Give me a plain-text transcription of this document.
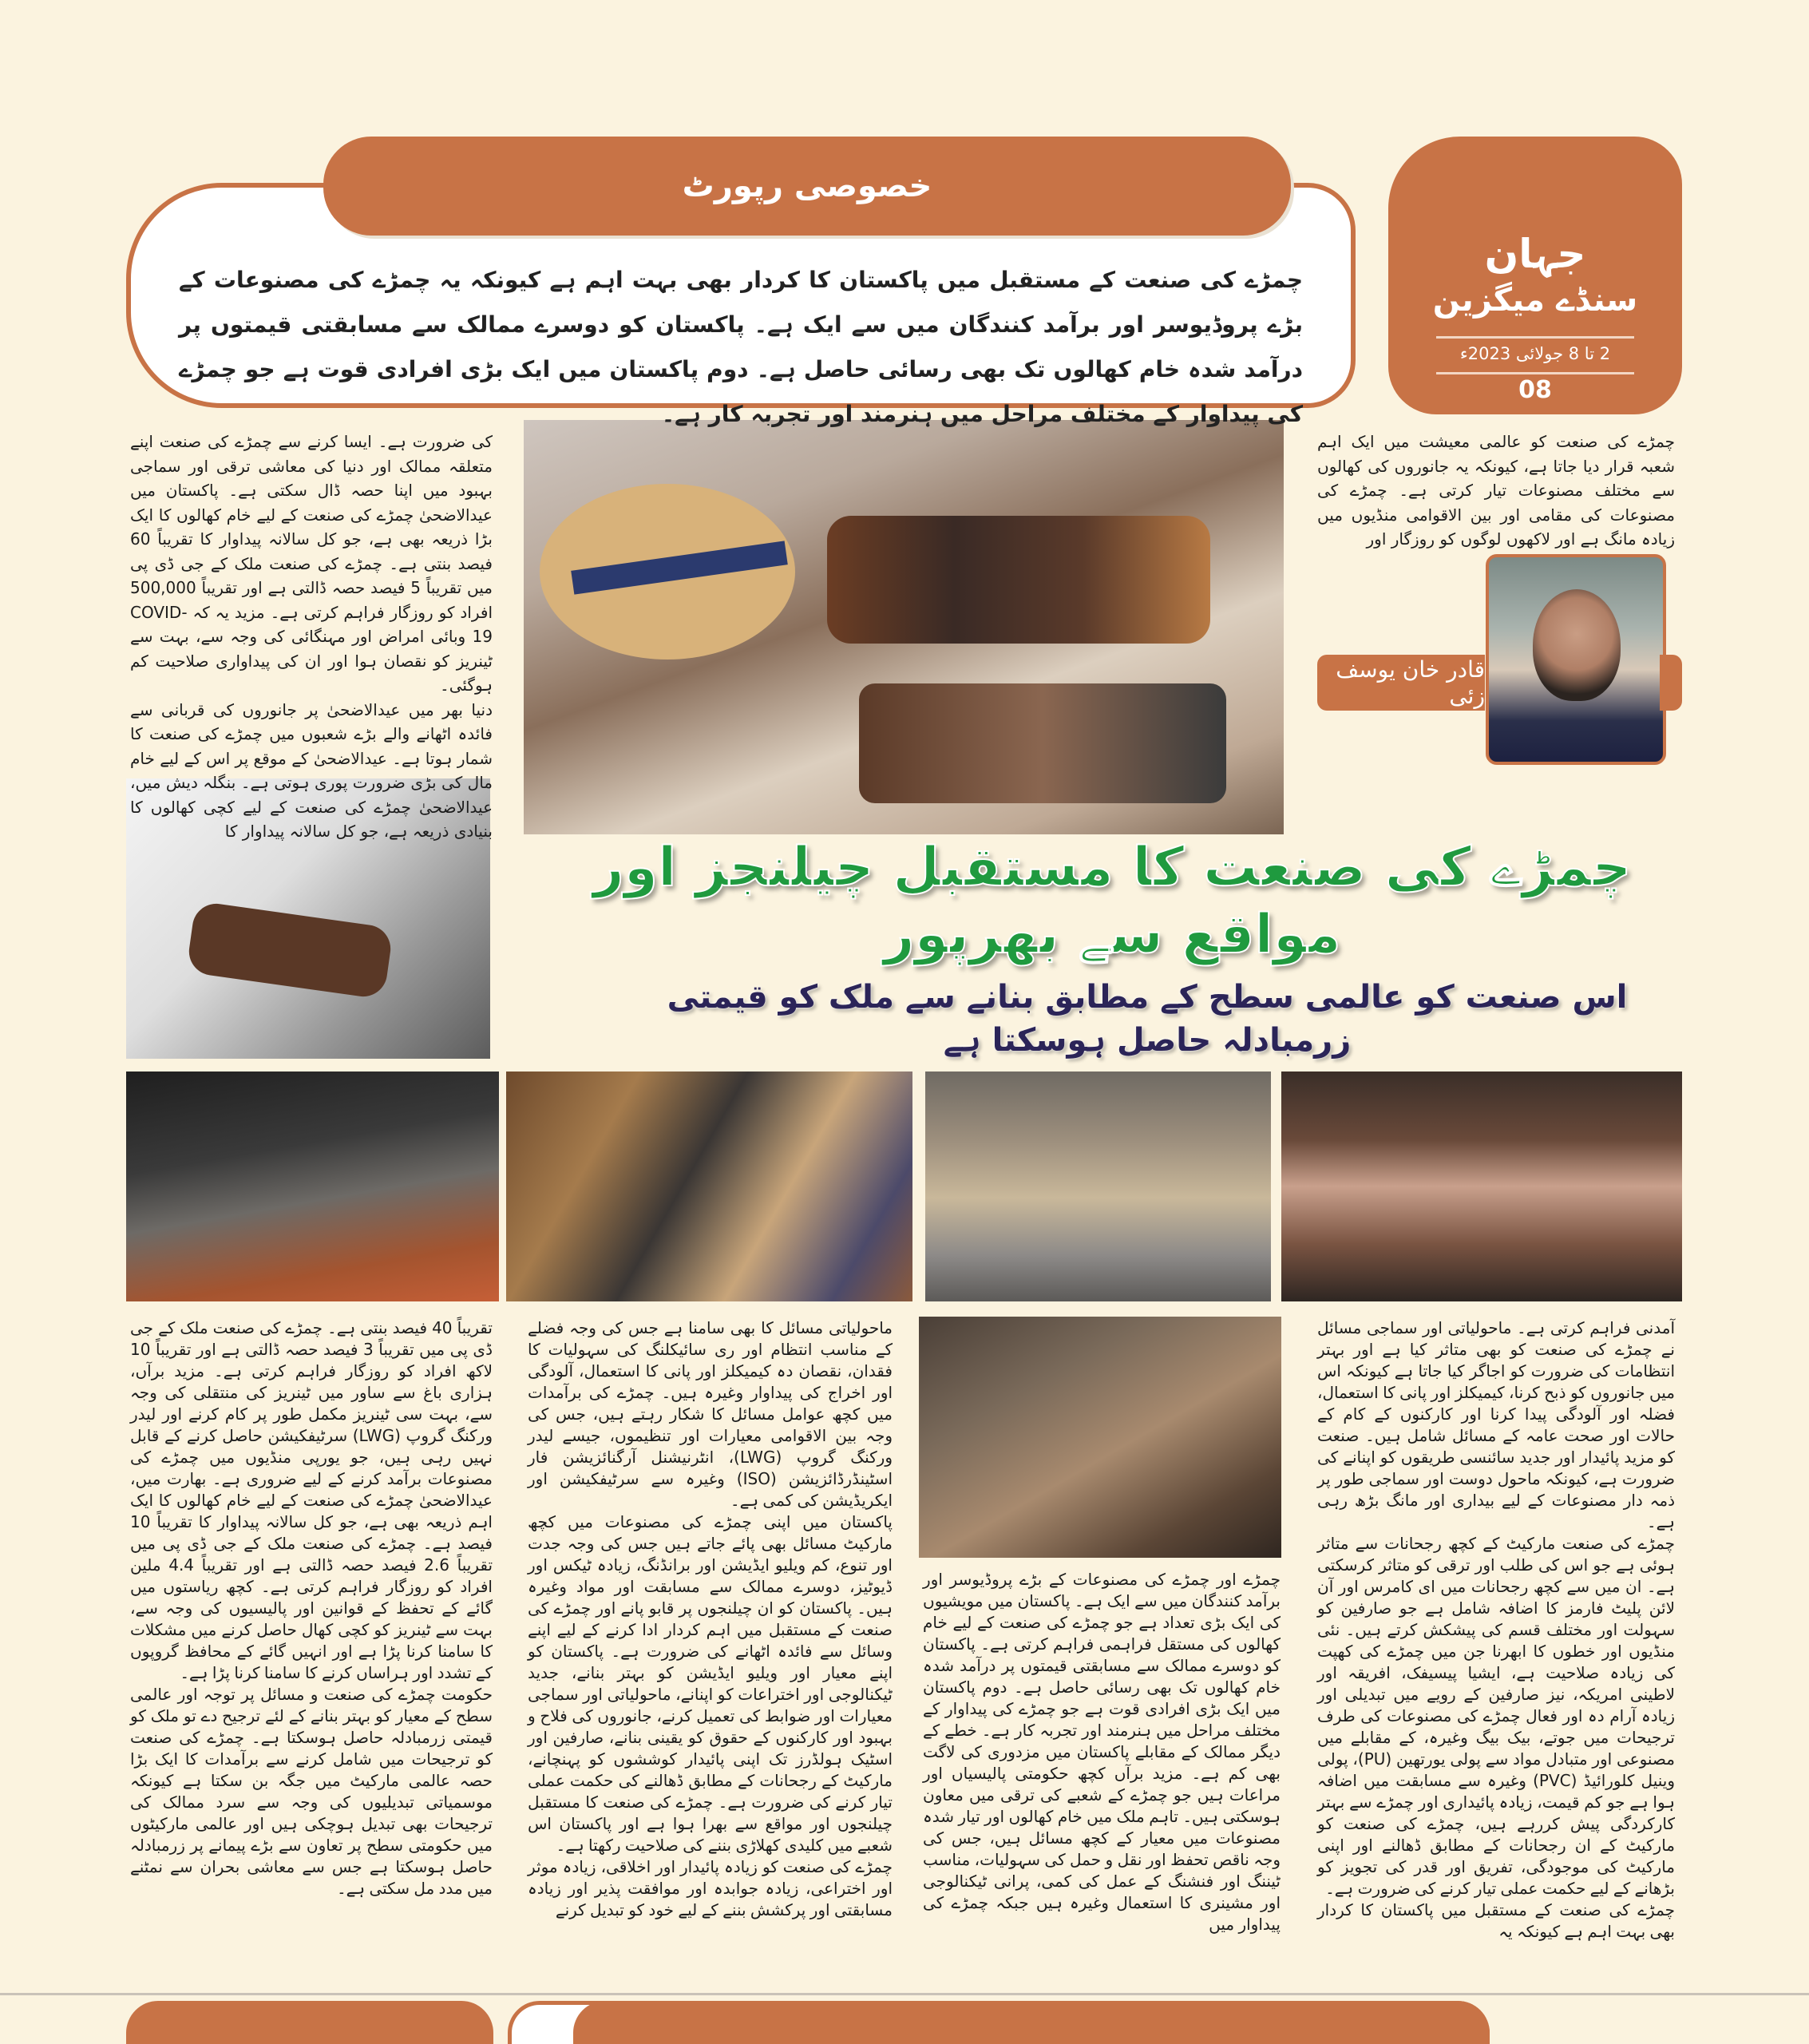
جہان
سنڈے میگزین
2 تا 8 جولائی 2023ء
08
خصوصی رپورٹ
چمڑے کی صنعت کے مستقبل میں پاکستان کا کردار بھی بہت اہم ہے کیونکہ یہ چمڑے کی مصنوعات کے بڑے پروڈیوسر اور برآمد کنندگان میں سے ایک ہے۔ پاکستان کو دوسرے ممالک سے مسابقتی قیمتوں پر درآمد شدہ خام کھالوں تک بھی رسائی حاصل ہے۔ دوم پاکستان میں ایک بڑی افرادی قوت ہے جو چمڑے کی پیداوار کے مختلف مراحل میں ہنرمند اور تجربہ کار ہے۔

چمڑے کی صنعت کو عالمی معیشت میں ایک اہم شعبہ قرار دیا جاتا ہے، کیونکہ یہ جانوروں کی کھالوں سے مختلف مصنوعات تیار کرتی ہے۔ چمڑے کی مصنوعات کی مقامی اور بین الاقوامی منڈیوں میں زیادہ مانگ ہے اور لاکھوں لوگوں کو روزگار اور

قادر خان یوسف زئی

کی ضرورت ہے۔ ایسا کرنے سے چمڑے کی صنعت اپنے متعلقہ ممالک اور دنیا کی معاشی ترقی اور سماجی بہبود میں اپنا حصہ ڈال سکتی ہے۔ پاکستان میں عیدالاضحیٰ چمڑے کی صنعت کے لیے خام کھالوں کا ایک بڑا ذریعہ بھی ہے، جو کل سالانہ پیداوار کا تقریباً 60 فیصد بنتی ہے۔ چمڑے کی صنعت ملک کے جی ڈی پی میں تقریباً 5 فیصد حصہ ڈالتی ہے اور تقریباً 500,000 افراد کو روزگار فراہم کرتی ہے۔ مزید یہ کہ COVID-19 وبائی امراض اور مہنگائی کی وجہ سے، بہت سے ٹینریز کو نقصان ہوا اور ان کی پیداواری صلاحیت کم ہوگئی۔

دنیا بھر میں عیدالاضحیٰ پر جانوروں کی قربانی سے فائدہ اٹھانے والے بڑے شعبوں میں چمڑے کی صنعت کا شمار ہوتا ہے۔ عیدالاضحیٰ کے موقع پر اس کے لیے خام مال کی بڑی ضرورت پوری ہوتی ہے۔ بنگلہ دیش میں، عیدالاضحیٰ چمڑے کی صنعت کے لیے کچی کھالوں کا بنیادی ذریعہ ہے، جو کل سالانہ پیداوار کا

چمڑے کی صنعت کا مستقبل چیلنجز اور مواقع سے بھرپور
اس صنعت کو عالمی سطح کے مطابق بنانے سے ملک کو قیمتی زرمبادلہ حاصل ہوسکتا ہے

آمدنی فراہم کرتی ہے۔ ماحولیاتی اور سماجی مسائل نے چمڑے کی صنعت کو بھی متاثر کیا ہے اور بہتر انتظامات کی ضرورت کو اجاگر کیا جاتا ہے کیونکہ اس میں جانوروں کو ذبح کرنا، کیمیکلز اور پانی کا استعمال، فضلہ اور آلودگی پیدا کرنا اور کارکنوں کے کام کے حالات اور صحت عامہ کے مسائل شامل ہیں۔ صنعت کو مزید پائیدار اور جدید سائنسی طریقوں کو اپنانے کی ضرورت ہے، کیونکہ ماحول دوست اور سماجی طور پر ذمہ دار مصنوعات کے لیے بیداری اور مانگ بڑھ رہی ہے۔

چمڑے کی صنعت مارکیٹ کے کچھ رجحانات سے متاثر ہوئی ہے جو اس کی طلب اور ترقی کو متاثر کرسکتی ہے۔ ان میں سے کچھ رجحانات میں ای کامرس اور آن لائن پلیٹ فارمز کا اضافہ شامل ہے جو صارفین کو سہولت اور مختلف قسم کی پیشکش کرتے ہیں۔ نئی منڈیوں اور خطوں کا ابھرنا جن میں چمڑے کی کھپت کی زیادہ صلاحیت ہے، ایشیا پیسیفک، افریقہ اور لاطینی امریکہ، نیز صارفین کے رویے میں تبدیلی اور زیادہ آرام دہ اور فعال چمڑے کی مصنوعات کی طرف ترجیحات میں جوتے، بیک بیگ وغیرہ، کے مقابلے میں مصنوعی اور متبادل مواد سے پولی یورتھین (PU)، پولی وینیل کلورائیڈ (PVC) وغیرہ سے مسابقت میں اضافہ ہوا ہے جو کم قیمت، زیادہ پائیداری اور چمڑے سے بہتر کارکردگی پیش کررہے ہیں، چمڑے کی صنعت کو مارکیٹ کے ان رجحانات کے مطابق ڈھالنے اور اپنی مارکیٹ کی موجودگی، تفریق اور قدر کی تجویز کو بڑھانے کے لیے حکمت عملی تیار کرنے کی ضرورت ہے۔

چمڑے کی صنعت کے مستقبل میں پاکستان کا کردار بھی بہت اہم ہے کیونکہ یہ

چمڑے اور چمڑے کی مصنوعات کے بڑے پروڈیوسر اور برآمد کنندگان میں سے ایک ہے۔ پاکستان میں مویشیوں کی ایک بڑی تعداد ہے جو چمڑے کی صنعت کے لیے خام کھالوں کی مستقل فراہمی فراہم کرتی ہے۔ پاکستان کو دوسرے ممالک سے مسابقتی قیمتوں پر درآمد شدہ خام کھالوں تک بھی رسائی حاصل ہے۔ دوم پاکستان میں ایک بڑی افرادی قوت ہے جو چمڑے کی پیداوار کے مختلف مراحل میں ہنرمند اور تجربہ کار ہے۔ خطے کے دیگر ممالک کے مقابلے پاکستان میں مزدوری کی لاگت بھی کم ہے۔ مزید برآں کچھ حکومتی پالیسیاں اور مراعات ہیں جو چمڑے کے شعبے کی ترقی میں معاون ہوسکتی ہیں۔ تاہم ملک میں خام کھالوں اور تیار شدہ مصنوعات میں معیار کے کچھ مسائل ہیں، جس کی وجہ ناقص تحفظ اور نقل و حمل کی سہولیات، مناسب ٹیننگ اور فنشنگ کے عمل کی کمی، پرانی ٹیکنالوجی اور مشینری کا استعمال وغیرہ ہیں جبکہ چمڑے کی پیداوار میں

ماحولیاتی مسائل کا بھی سامنا ہے جس کی وجہ فضلے کے مناسب انتظام اور ری سائیکلنگ کی سہولیات کا فقدان، نقصان دہ کیمیکلز اور پانی کا استعمال، آلودگی اور اخراج کی پیداوار وغیرہ ہیں۔ چمڑے کی برآمدات میں کچھ عوامل مسائل کا شکار رہتے ہیں، جس کی وجہ بین الاقوامی معیارات اور تنظیموں، جیسے لیدر ورکنگ گروپ (LWG)، انٹرنیشنل آرگنائزیشن فار اسٹینڈرڈائزیشن (ISO) وغیرہ سے سرٹیفکیشن اور ایکریڈیشن کی کمی ہے۔

پاکستان میں اپنی چمڑے کی مصنوعات میں کچھ مارکیٹ مسائل بھی پائے جاتے ہیں جس کی وجہ جدت اور تنوع، کم ویلیو ایڈیشن اور برانڈنگ، زیادہ ٹیکس اور ڈیوٹیز، دوسرے ممالک سے مسابقت اور مواد وغیرہ ہیں۔ پاکستان کو ان چیلنجوں پر قابو پانے اور چمڑے کی صنعت کے مستقبل میں اہم کردار ادا کرنے کے لیے اپنے وسائل سے فائدہ اٹھانے کی ضرورت ہے۔ پاکستان کو اپنے معیار اور ویلیو ایڈیشن کو بہتر بنانے، جدید ٹیکنالوجی اور اختراعات کو اپنانے، ماحولیاتی اور سماجی معیارات اور ضوابط کی تعمیل کرنے، جانوروں کی فلاح و بہبود اور کارکنوں کے حقوق کو یقینی بنانے، صارفین اور اسٹیک ہولڈرز تک اپنی پائیدار کوششوں کو پہنچانے، مارکیٹ کے رجحانات کے مطابق ڈھالنے کی حکمت عملی تیار کرنے کی ضرورت ہے۔ چمڑے کی صنعت کا مستقبل چیلنجوں اور مواقع سے بھرا ہوا ہے اور پاکستان اس شعبے میں کلیدی کھلاڑی بننے کی صلاحیت رکھتا ہے۔

چمڑے کی صنعت کو زیادہ پائیدار اور اخلاقی، زیادہ موثر اور اختراعی، زیادہ جوابدہ اور موافقت پذیر اور زیادہ مسابقتی اور پرکشش بننے کے لیے خود کو تبدیل کرنے

تقریباً 40 فیصد بنتی ہے۔ چمڑے کی صنعت ملک کے جی ڈی پی میں تقریباً 3 فیصد حصہ ڈالتی ہے اور تقریباً 10 لاکھ افراد کو روزگار فراہم کرتی ہے۔ مزید برآں، ہزاری باغ سے ساور میں ٹینریز کی منتقلی کی وجہ سے، بہت سی ٹینریز مکمل طور پر کام کرنے اور لیدر ورکنگ گروپ (LWG) سرٹیفکیشن حاصل کرنے کے قابل نہیں رہی ہیں، جو یورپی منڈیوں میں چمڑے کی مصنوعات برآمد کرنے کے لیے ضروری ہے۔ بھارت میں، عیدالاضحیٰ چمڑے کی صنعت کے لیے خام کھالوں کا ایک اہم ذریعہ بھی ہے، جو کل سالانہ پیداوار کا تقریباً 10 فیصد ہے۔ چمڑے کی صنعت ملک کے جی ڈی پی میں تقریباً 2.6 فیصد حصہ ڈالتی ہے اور تقریباً 4.4 ملین افراد کو روزگار فراہم کرتی ہے۔ کچھ ریاستوں میں گائے کے تحفظ کے قوانین اور پالیسیوں کی وجہ سے، بہت سے ٹینریز کو کچی کھال حاصل کرنے میں مشکلات کا سامنا کرنا پڑا ہے اور انہیں گائے کے محافظ گروپوں کے تشدد اور ہراساں کرنے کا سامنا کرنا پڑا ہے۔

حکومت چمڑے کی صنعت و مسائل پر توجہ اور عالمی سطح کے معیار کو بہتر بنانے کے لئے ترجیح دے تو ملک کو قیمتی زرمبادلہ حاصل ہوسکتا ہے۔ چمڑے کی صنعت کو ترجیحات میں شامل کرنے سے برآمدات کا ایک بڑا حصہ عالمی مارکیٹ میں جگہ بن سکتا ہے کیونکہ موسمیاتی تبدیلیوں کی وجہ سے سرد ممالک کی ترجیحات بھی تبدیل ہوچکی ہیں اور عالمی مارکیٹوں میں حکومتی سطح پر تعاون سے بڑے پیمانے پر زرمبادلہ حاصل ہوسکتا ہے جس سے معاشی بحران سے نمٹنے میں مدد مل سکتی ہے۔
